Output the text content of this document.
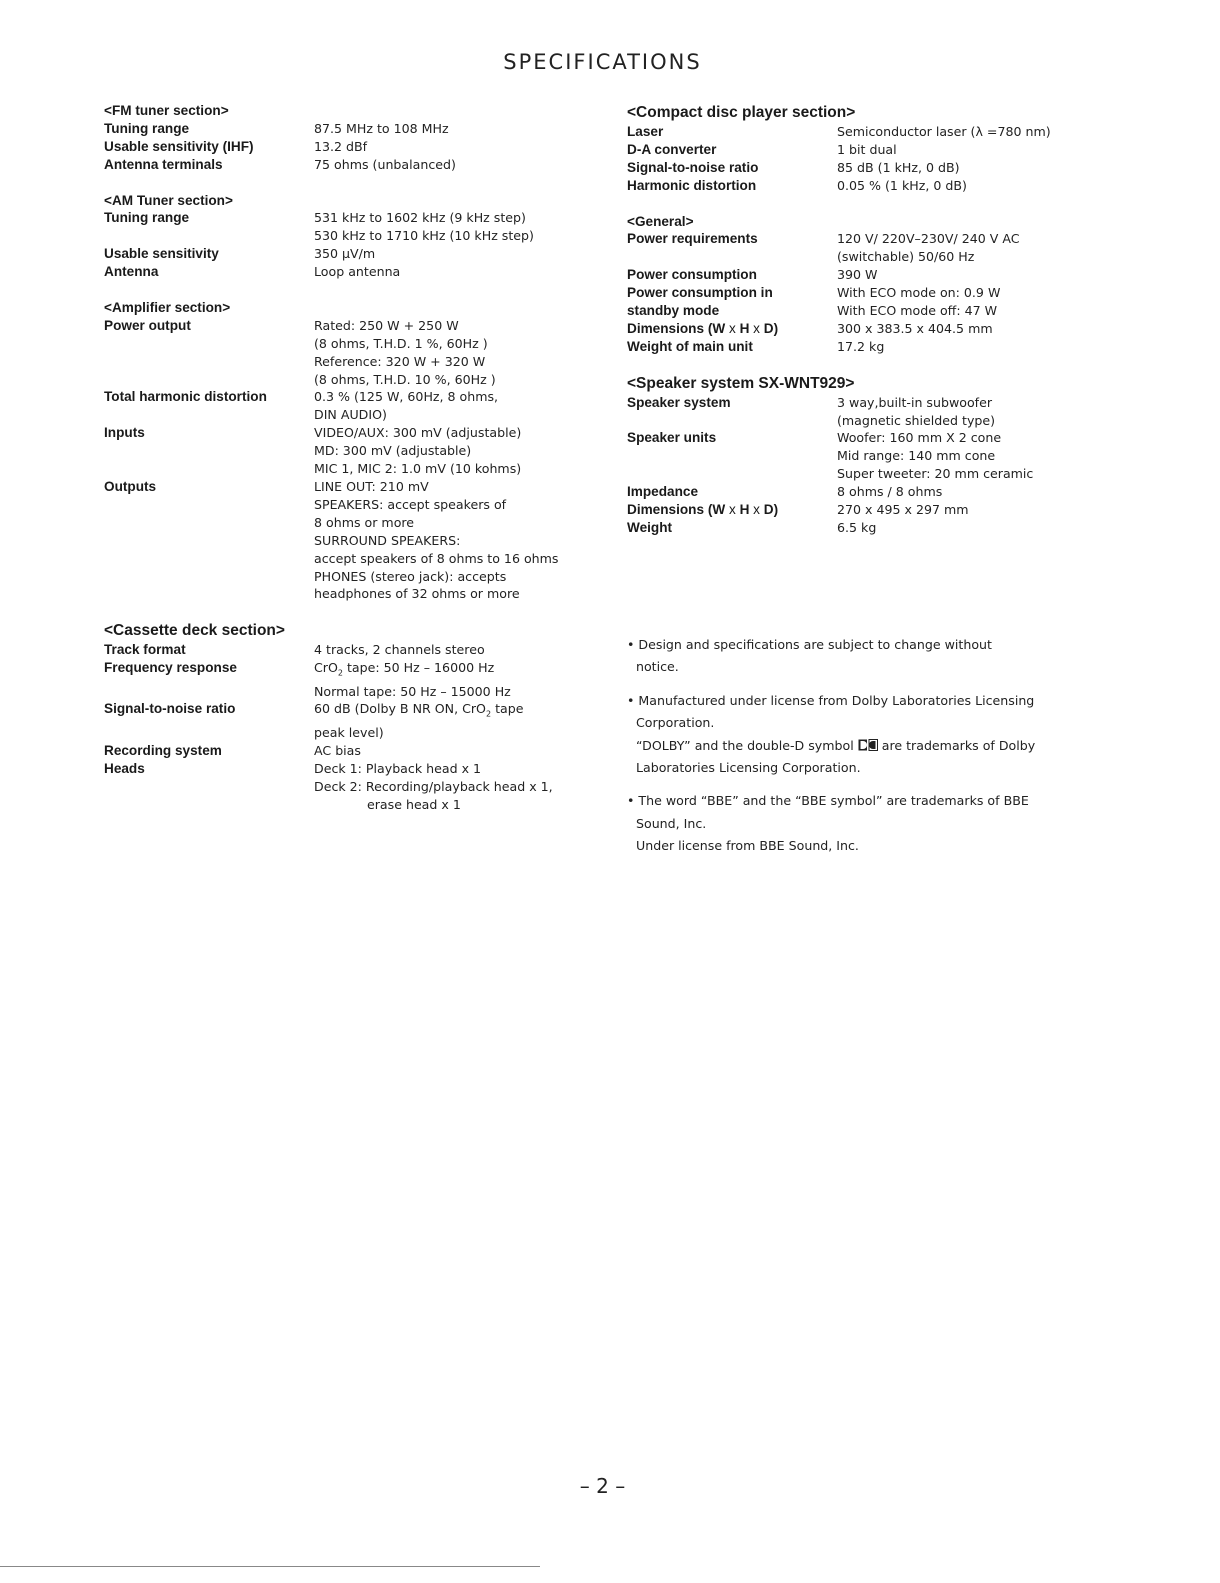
SPECIFICATIONS
<FM tuner section>
Tuning range	87.5 MHz to 108 MHz
Usable sensitivity (IHF)	13.2 dBf
Antenna terminals	75 ohms (unbalanced)
<AM Tuner section>
Tuning range	531 kHz to 1602 kHz (9 kHz step)
530 kHz to 1710 kHz (10 kHz step)
Usable sensitivity	350 μV/m
Antenna	Loop antenna
<Amplifier section>
Power output	Rated: 250 W + 250 W
(8 ohms, T.H.D. 1 %, 60Hz )
Reference: 320 W + 320 W
(8 ohms, T.H.D. 10 %, 60Hz )
Total harmonic distortion	0.3 % (125 W, 60Hz, 8 ohms,
DIN AUDIO)
Inputs	VIDEO/AUX: 300 mV (adjustable)
MD: 300 mV (adjustable)
MIC 1, MIC 2: 1.0 mV (10 kohms)
Outputs	LINE OUT: 210 mV
SPEAKERS: accept speakers of
8 ohms or more
SURROUND SPEAKERS:
accept speakers of 8 ohms to 16 ohms
PHONES (stereo jack): accepts
headphones of 32 ohms or more
<Cassette deck section>
Track format	4 tracks, 2 channels stereo
Frequency response	CrO$_2$ tape: 50 Hz – 16000 Hz
Normal tape: 50 Hz – 15000 Hz
Signal-to-noise ratio	60 dB (Dolby B NR ON, CrO$_2$ tape
peak level)
Recording system	AC bias
Heads	Deck 1: Playback head x 1
Deck 2: Recording/playback head x 1,
erase head x 1
<Compact disc player section>
Laser	Semiconductor laser (λ =780 nm)
D-A converter	1 bit dual
Signal-to-noise ratio	85 dB (1 kHz, 0 dB)
Harmonic distortion	0.05 % (1 kHz, 0 dB)
<General>
Power requirements	120 V/ 220V–230V/ 240 V AC
(switchable) 50/60 Hz
Power consumption	390 W
Power consumption in	With ECO mode on: 0.9 W
standby mode	With ECO mode off: 47 W
Dimensions (W x H x D)	300 x 383.5 x 404.5 mm
Weight of main unit	17.2 kg
<Speaker system SX-WNT929>
Speaker system	3 way,built-in subwoofer
(magnetic shielded type)
Speaker units	Woofer: 160 mm X 2 cone
Mid range: 140 mm cone
Super tweeter: 20 mm ceramic
Impedance	8 ohms / 8 ohms
Dimensions (W x H x D)	270 x 495 x 297 mm
Weight	6.5 kg
• Design and specifications are subject to change without
notice.
• Manufactured under license from Dolby Laboratories Licensing
Corporation.
“DOLBY” and the double-D symbol  are trademarks of Dolby
Laboratories Licensing Corporation.
• The word “BBE” and the “BBE symbol” are trademarks of BBE
Sound, Inc.
Under license from BBE Sound, Inc.
– 2 –
